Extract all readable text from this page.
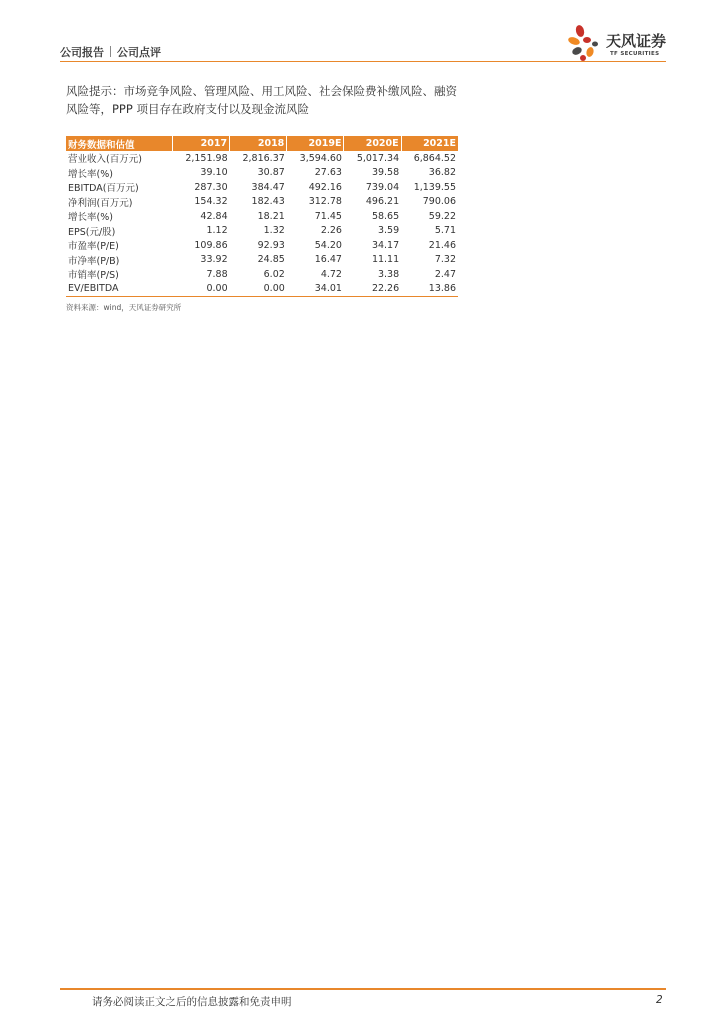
公司报告 公司点评
天风证券
TF SECURITIES
风险提示：市场竞争风险、管理风险、用工风险、社会保险费补缴风险、融资风险等，PPP 项目存在政府支付以及现金流风险
财务数据和估值	2017	2018	2019E	2020E	2021E
营业收入(百万元)	2,151.98	2,816.37	3,594.60	5,017.34	6,864.52
增长率(%)	39.10	30.87	27.63	39.58	36.82
EBITDA(百万元)	287.30	384.47	492.16	739.04	1,139.55
净利润(百万元)	154.32	182.43	312.78	496.21	790.06
增长率(%)	42.84	18.21	71.45	58.65	59.22
EPS(元/股)	1.12	1.32	2.26	3.59	5.71
市盈率(P/E)	109.86	92.93	54.20	34.17	21.46
市净率(P/B)	33.92	24.85	16.47	11.11	7.32
市销率(P/S)	7.88	6.02	4.72	3.38	2.47
EV/EBITDA	0.00	0.00	34.01	22.26	13.86
资料来源：wind，天风证券研究所
请务必阅读正文之后的信息披露和免责申明	2
